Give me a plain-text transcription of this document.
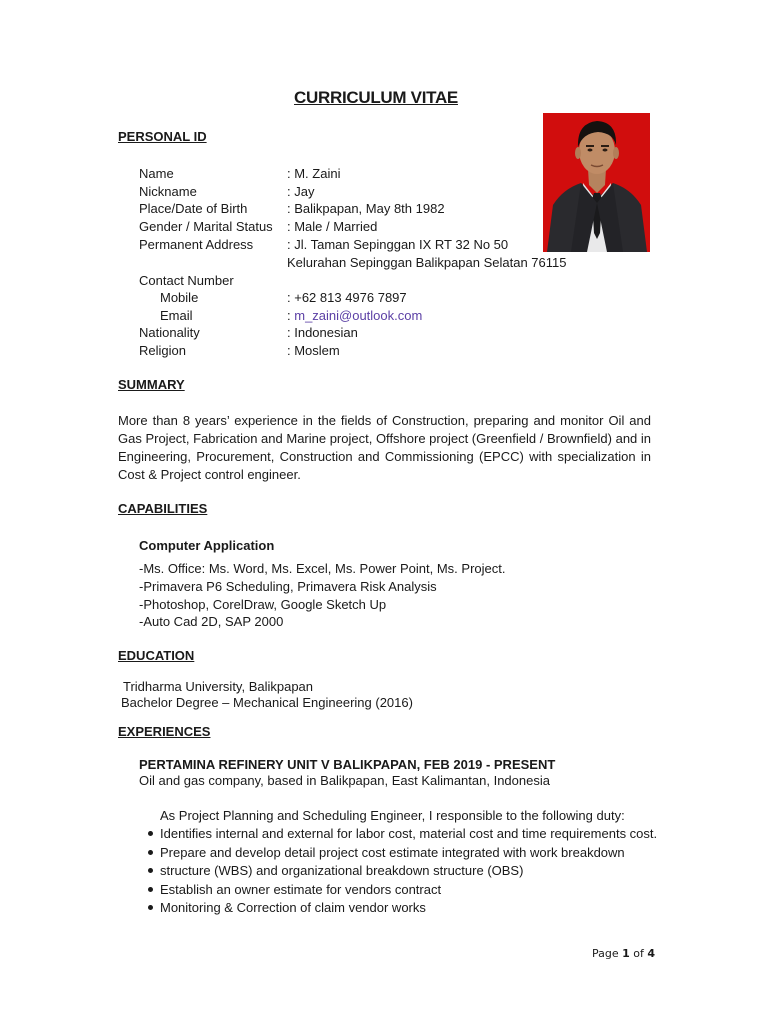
CURRICULUM VITAE
PERSONAL ID
Name	: M. Zaini
Nickname	: Jay
Place/Date of Birth	: Balikpapan, May 8th 1982
Gender / Marital Status : Male / Married
Permanent Address	: Jl. Taman Sepinggan IX RT 32 No 50
Kelurahan Sepinggan Balikpapan Selatan 76115
Contact Number
Mobile	: +62 813 4976 7897
Email	: m_zaini@outlook.com
Nationality	: Indonesian
Religion	: Moslem
SUMMARY
More than 8 years’ experience in the fields of Construction, preparing and monitor Oil and Gas Project, Fabrication and Marine project, Offshore project (Greenfield / Brownfield) and in Engineering, Procurement, Construction and Commissioning (EPCC) with specialization in Cost & Project control engineer.
CAPABILITIES
Computer Application
-Ms. Office: Ms. Word, Ms. Excel, Ms. Power Point, Ms. Project.
-Primavera P6 Scheduling, Primavera Risk Analysis
-Photoshop, CorelDraw, Google Sketch Up
-Auto Cad 2D, SAP 2000
EDUCATION
Tridharma University, Balikpapan
Bachelor Degree – Mechanical Engineering (2016)
EXPERIENCES
PERTAMINA REFINERY UNIT V BALIKPAPAN, FEB 2019 - PRESENT
Oil and gas company, based in Balikpapan, East Kalimantan, Indonesia
As Project Planning and Scheduling Engineer, I responsible to the following duty:
Identifies internal and external for labor cost, material cost and time requirements cost.
Prepare and develop detail project cost estimate integrated with work breakdown
structure (WBS) and organizational breakdown structure (OBS)
Establish an owner estimate for vendors contract
Monitoring & Correction of claim vendor works
Page 1 of 4
